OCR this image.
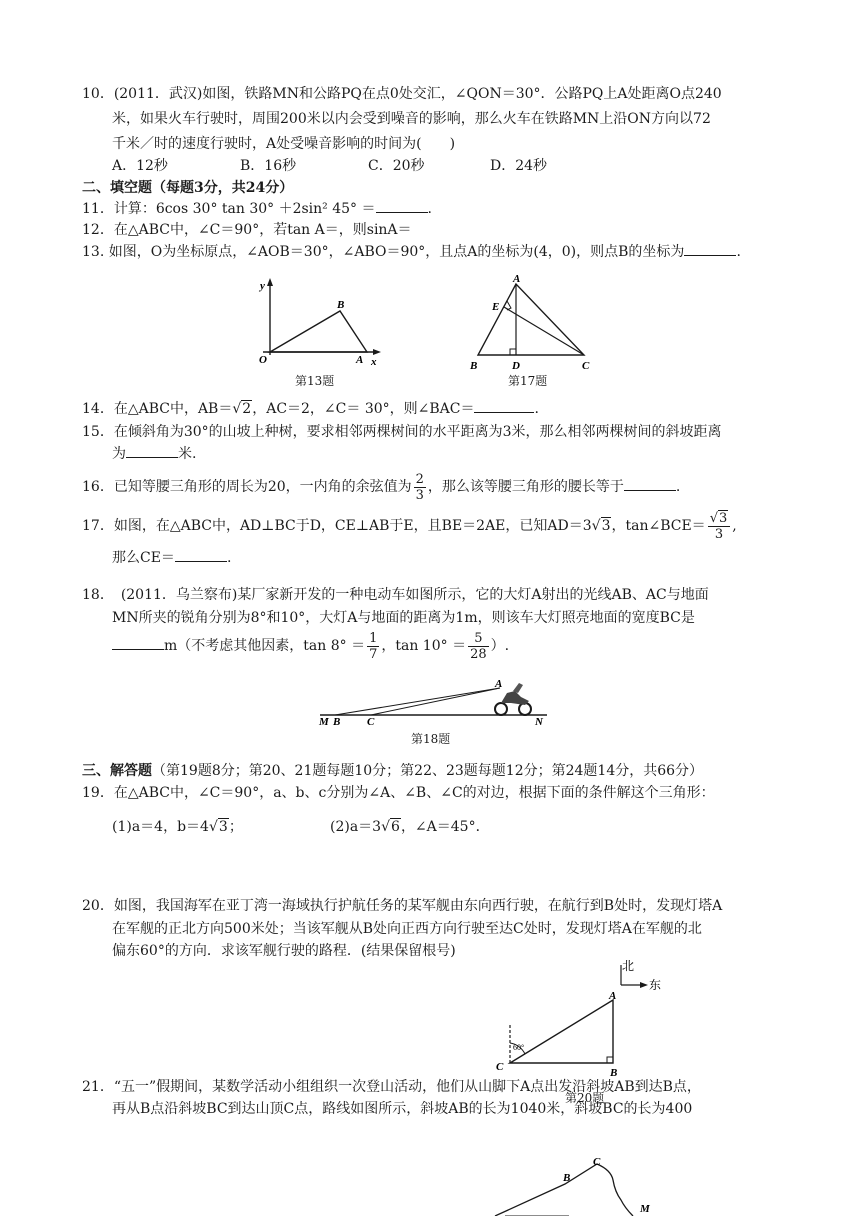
10．(2011．武汉)如图，铁路MN和公路PQ在点0处交汇，∠QON＝30°．公路PQ上A处距离O点240
米，如果火车行驶时，周围200米以内会受到噪音的影响，那么火车在铁路MN上沿ON方向以72
千米／时的速度行驶时，A处受噪音影响的时间为(　　)
A．12秒	B．16秒	C．20秒	D．24秒
二、填空题（每题3分，共24分）
11．计算：6cos 30° tan 30° ＋2sin² 45° ＝	.
12．在△ABC中，∠C＝90°，若tan A＝，则sinA＝
13. 如图，O为坐标原点，∠AOB＝30°，∠ABO＝90°，且点A的坐标为(4，0)，则点B的坐标为	.
y
x
O	A
B
第13题
A
B	C
D
E
第17题
14．在△ABC中，AB＝√2，AC＝2，∠C＝ 30°，则∠BAC＝	.
15．在倾斜角为30°的山坡上种树，要求相邻两棵树间的水平距离为3米，那么相邻两棵树间的斜坡距离
为	米.
16．已知等腰三角形的周长为20，一内角的余弦值为 $\frac{2}{3}$ ，那么该等腰三角形的腰长等于	.
17．如图，在△ABC中，AD⊥BC于D，CE⊥AB于E，且BE＝2AE，已知AD＝3√3，tan∠BCE＝ $\frac{√3}{3}$ ,
那么CE＝	.
18．　(2011．乌兰察布)某厂家新开发的一种电动车如图所示，它的大灯A射出的光线AB、AC与地面
MN所夹的锐角分别为8°和10°，大灯A与地面的距离为1m，则该车大灯照亮地面的宽度BC是
m（不考虑其他因素，$\tan 8^\circ = \frac{1}{7}$ ，$\tan 10^\circ = \frac{5}{28}$ ）.
M B C
A
N
第18题
三、解答题（第19题8分；第20、21题每题10分；第22、23题每题12分；第24题14分，共66分）
19．在△ABC中，∠C＝90°，a、b、c分别为∠A、∠B、∠C的对边，根据下面的条件解这个三角形：
(1)a＝4，b＝4√3；	(2)a＝3√6，∠A＝45°．
20．如图，我国海军在亚丁湾一海域执行护航任务的某军舰由东向西行驶，在航行到B处时，发现灯塔A
在军舰的正北方向500米处；当该军舰从B处向正西方向行驶至达C处时，发现灯塔A在军舰的北
偏东60°的方向．求该军舰行驶的路程．(结果保留根号)
北
东
60°
A
C	B
21．“五一”假期间，某数学活动小组组织一次登山活动，他们从山脚下A点出发沿斜坡AB到达B点，
第20题
再从B点沿斜坡BC到达山顶C点，路线如图所示，斜坡AB的长为1040米，斜坡BC的长为400
B
C
M
